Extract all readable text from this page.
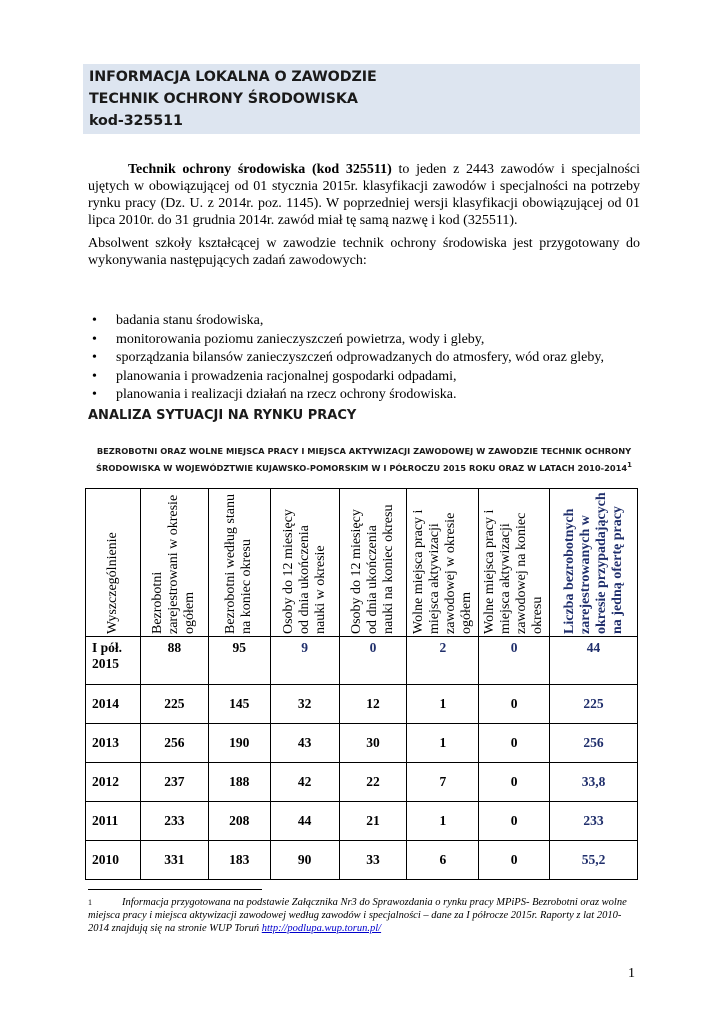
INFORMACJA LOKALNA O ZAWODZIE
TECHNIK OCHRONY ŚRODOWISKA
kod-325511

Technik ochrony środowiska (kod 325511) to jeden z 2443 zawodów i specjalności ujętych w obowiązującej od 01 stycznia 2015r. klasyfikacji zawodów i specjalności na potrzeby rynku pracy (Dz. U. z 2014r. poz. 1145). W poprzedniej wersji klasyfikacji obowiązującej od 01 lipca 2010r. do 31 grudnia 2014r. zawód miał tę samą nazwę i kod (325511).

Absolwent szkoły kształcącej w zawodzie technik ochrony środowiska jest przygotowany do wykonywania następujących zadań zawodowych:

• badania stanu środowiska,
• monitorowania poziomu zanieczyszczeń powietrza, wody i gleby,
• sporządzania bilansów zanieczyszczeń odprowadzanych do atmosfery, wód oraz gleby,
• planowania i prowadzenia racjonalnej gospodarki odpadami,
• planowania i realizacji działań na rzecz ochrony środowiska.
ANALIZA SYTUACJI NA RYNKU PRACY
BEZROBOTNI ORAZ WOLNE MIEJSCA PRACY I MIEJSCA AKTYWIZACJI ZAWODOWEJ W ZAWODZIE TECHNIK OCHRONY ŚRODOWISKA W WOJEWÓDZTWIE KUJAWSKO-POMORSKIM W I PÓŁROCZU 2015 ROKU ORAZ W LATACH 2010-2014$^1$
Wyszczególnienie	Bezrobotni zarejestrowani w okresie ogółem	Bezrobotni według stanu na koniec okresu	Osoby do 12 miesięcy od dnia ukończenia nauki w okresie	Osoby do 12 miesięcy od dnia ukończenia nauki na koniec okresu	Wolne miejsca pracy i miejsca aktywizacji zawodowej w okresie ogółem	Wolne miejsca pracy i miejsca aktywizacji zawodowej na koniec okresu	Liczba bezrobotnych zarejestrowanych w okresie przypadających na jedną ofertę pracy

I pół. 2015	88	95	9	0	2	0	44
2014	225	145	32	12	1	0	225
2013	256	190	43	30	1	0	256
2012	237	188	42	22	7	0	33,8
2011	233	208	44	21	1	0	233
2010	331	183	90	33	6	0	55,2
$^1$	Informacja przygotowana na podstawie Załącznika Nr3 do Sprawozdania o rynku pracy MPiPS- Bezrobotni oraz wolne miejsca pracy i miejsca aktywizacji zawodowej według zawodów i specjalności – dane za I półrocze 2015r. Raporty z lat 2010-2014 znajdują się na stronie WUP Toruń http://podlupa.wup.torun.pl/
1
